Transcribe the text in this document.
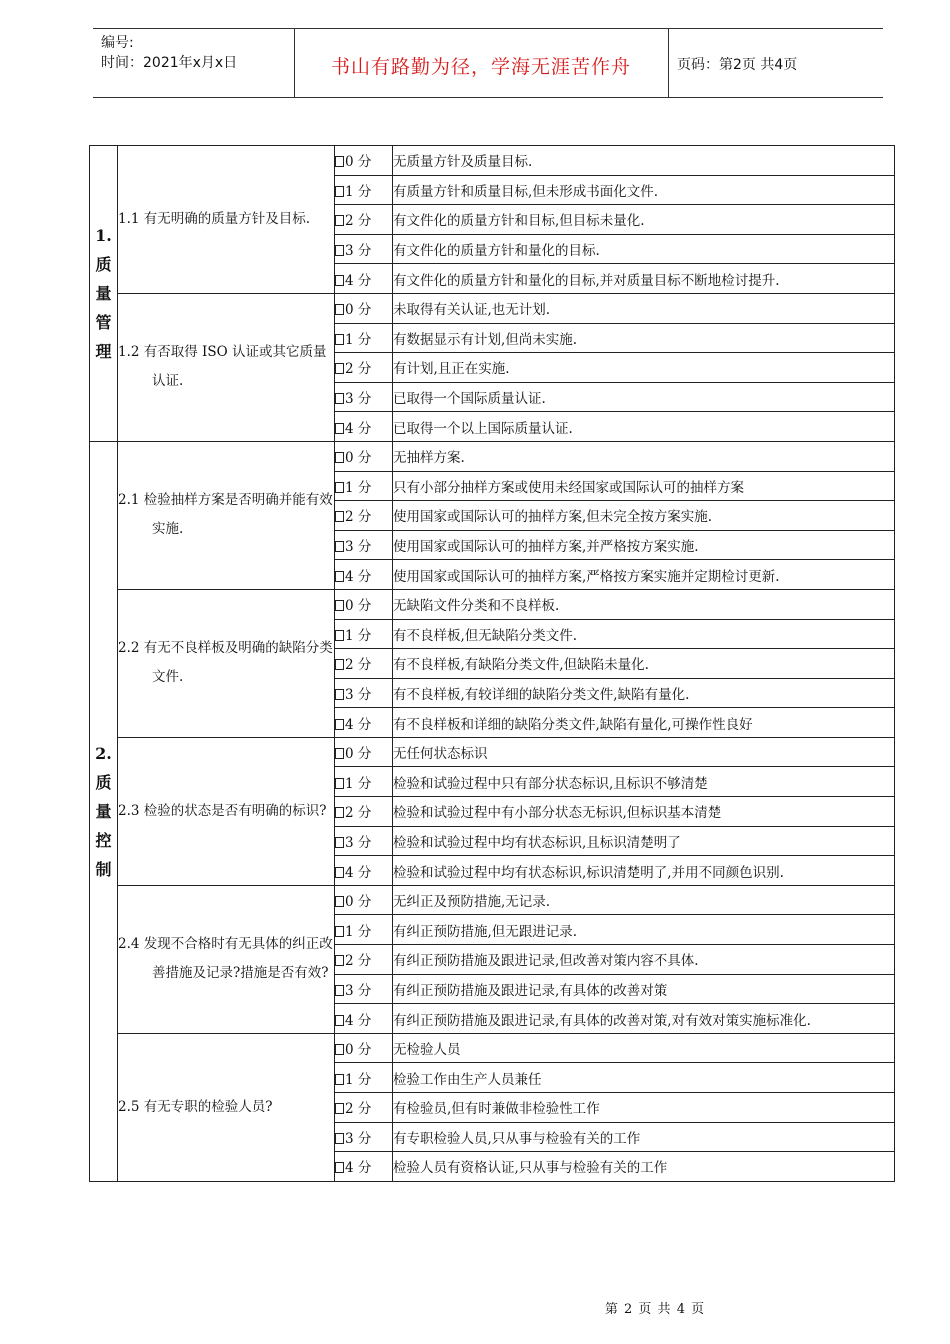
编号:
时间：2021年x月x日	书山有路勤为径，学海无涯苦作舟	页码：第2页 共4页
1.
质
量
管
理	1.1 有无明确的质量方针及目标.	0 分	无质量方针及质量目标.
		1 分	有质量方针和质量目标,但未形成书面化文件.
		2 分	有文件化的质量方针和目标,但目标未量化.
		3 分	有文件化的质量方针和量化的目标.
		4 分	有文件化的质量方针和量化的目标,并对质量目标不断地检讨提升.

	1.2 有否取得 ISO 认证或其它质量认证.	0 分	未取得有关认证,也无计划.
		1 分	有数据显示有计划,但尚未实施.
		2 分	有计划,且正在实施.
		3 分	已取得一个国际质量认证.
		4 分	已取得一个以上国际质量认证.

2.
质
量
控
制	2.1 检验抽样方案是否明确并能有效实施.	0 分	无抽样方案.
		1 分	只有小部分抽样方案或使用未经国家或国际认可的抽样方案
		2 分	使用国家或国际认可的抽样方案,但未完全按方案实施.
		3 分	使用国家或国际认可的抽样方案,并严格按方案实施.
		4 分	使用国家或国际认可的抽样方案,严格按方案实施并定期检讨更新.

	2.2 有无不良样板及明确的缺陷分类文件.	0 分	无缺陷文件分类和不良样板.
		1 分	有不良样板,但无缺陷分类文件.
		2 分	有不良样板,有缺陷分类文件,但缺陷未量化.
		3 分	有不良样板,有较详细的缺陷分类文件,缺陷有量化.
		4 分	有不良样板和详细的缺陷分类文件,缺陷有量化,可操作性良好

	2.3 检验的状态是否有明确的标识?	0 分	无任何状态标识
		1 分	检验和试验过程中只有部分状态标识,且标识不够清楚
		2 分	检验和试验过程中有小部分状态无标识,但标识基本清楚
		3 分	检验和试验过程中均有状态标识,且标识清楚明了
		4 分	检验和试验过程中均有状态标识,标识清楚明了,并用不同颜色识别.

	2.4 发现不合格时有无具体的纠正改善措施及记录?措施是否有效?	0 分	无纠正及预防措施,无记录.
		1 分	有纠正预防措施,但无跟进记录.
		2 分	有纠正预防措施及跟进记录,但改善对策内容不具体.
		3 分	有纠正预防措施及跟进记录,有具体的改善对策
		4 分	有纠正预防措施及跟进记录,有具体的改善对策,对有效对策实施标准化.

	2.5 有无专职的检验人员?	0 分	无检验人员
		1 分	检验工作由生产人员兼任
		2 分	有检验员,但有时兼做非检验性工作
		3 分	有专职检验人员,只从事与检验有关的工作
		4 分	检验人员有资格认证,只从事与检验有关的工作
第 2 页 共 4 页
